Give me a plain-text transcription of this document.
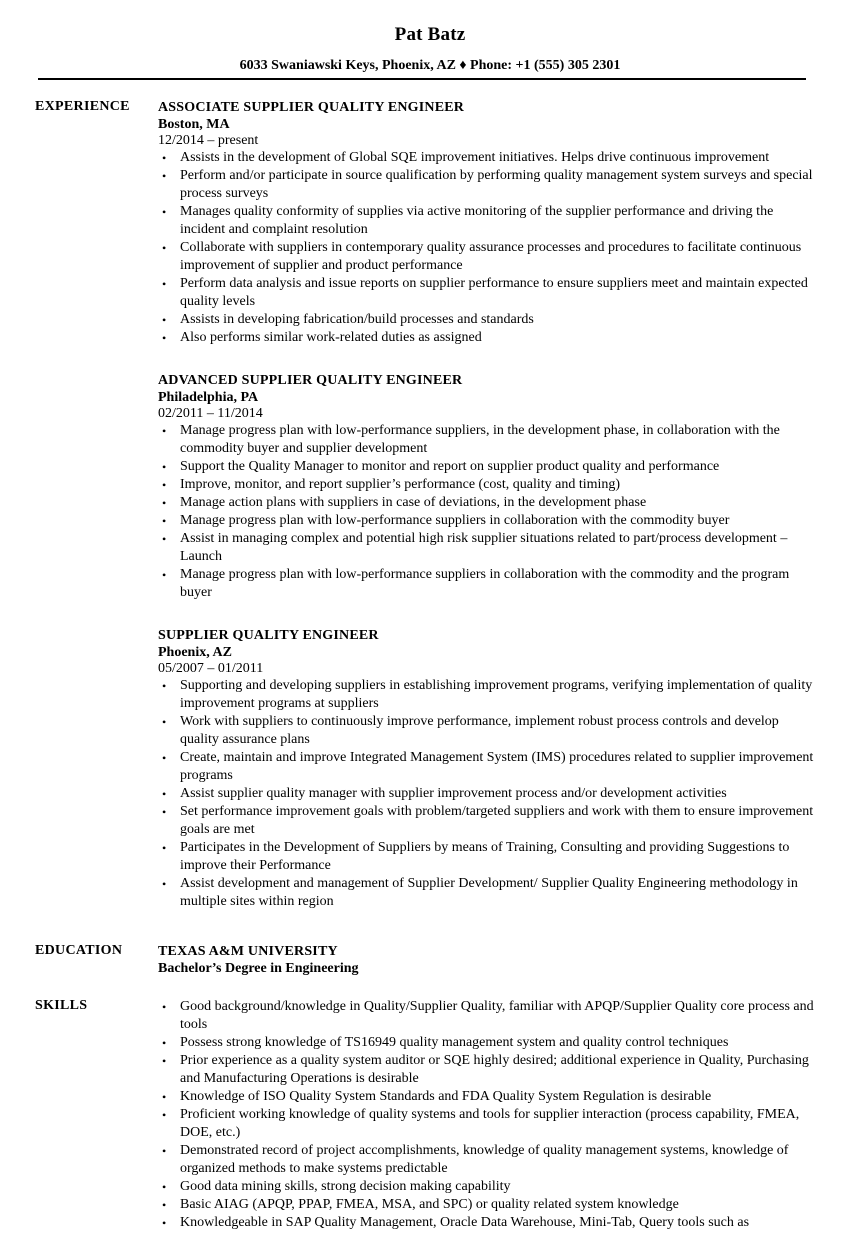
Pat Batz
6033 Swaniawski Keys, Phoenix, AZ ♦ Phone: +1 (555) 305 2301
EXPERIENCE ASSOCIATE SUPPLIER QUALITY ENGINEER
Boston, MA
12/2014 – present
• Assists in the development of Global SQE improvement initiatives. Helps drive continuous improvement
• Perform and/or participate in source qualification by performing quality management system surveys and special process surveys
• Manages quality conformity of supplies via active monitoring of the supplier performance and driving the incident and complaint resolution
• Collaborate with suppliers in contemporary quality assurance processes and procedures to facilitate continuous improvement of supplier and product performance
• Perform data analysis and issue reports on supplier performance to ensure suppliers meet and maintain expected quality levels
• Assists in developing fabrication/build processes and standards
• Also performs similar work-related duties as assigned
ADVANCED SUPPLIER QUALITY ENGINEER
Philadelphia, PA
02/2011 – 11/2014
• Manage progress plan with low-performance suppliers, in the development phase, in collaboration with the commodity buyer and supplier development
• Support the Quality Manager to monitor and report on supplier product quality and performance
• Improve, monitor, and report supplier’s performance (cost, quality and timing)
• Manage action plans with suppliers in case of deviations, in the development phase
• Manage progress plan with low-performance suppliers in collaboration with the commodity buyer
• Assist in managing complex and potential high risk supplier situations related to part/process development – Launch
• Manage progress plan with low-performance suppliers in collaboration with the commodity and the program buyer
SUPPLIER QUALITY ENGINEER
Phoenix, AZ
05/2007 – 01/2011
• Supporting and developing suppliers in establishing improvement programs, verifying implementation of quality improvement programs at suppliers
• Work with suppliers to continuously improve performance, implement robust process controls and develop quality assurance plans
• Create, maintain and improve Integrated Management System (IMS) procedures related to supplier improvement programs
• Assist supplier quality manager with supplier improvement process and/or development activities
• Set performance improvement goals with problem/targeted suppliers and work with them to ensure improvement goals are met
• Participates in the Development of Suppliers by means of Training, Consulting and providing Suggestions to improve their Performance
• Assist development and management of Supplier Development/ Supplier Quality Engineering methodology in multiple sites within region
EDUCATION	TEXAS A&M UNIVERSITY
Bachelor’s Degree in Engineering
SKILLS	• Good background/knowledge in Quality/Supplier Quality, familiar with APQP/Supplier Quality core process and tools
• Possess strong knowledge of TS16949 quality management system and quality control techniques
• Prior experience as a quality system auditor or SQE highly desired; additional experience in Quality, Purchasing and Manufacturing Operations is desirable
• Knowledge of ISO Quality System Standards and FDA Quality System Regulation is desirable
• Proficient working knowledge of quality systems and tools for supplier interaction (process capability, FMEA, DOE, etc.)
• Demonstrated record of project accomplishments, knowledge of quality management systems, knowledge of organized methods to make systems predictable
• Good data mining skills, strong decision making capability
• Basic AIAG (APQP, PPAP, FMEA, MSA, and SPC) or quality related system knowledge
• Knowledgeable in SAP Quality Management, Oracle Data Warehouse, Mini-Tab, Query tools such as
